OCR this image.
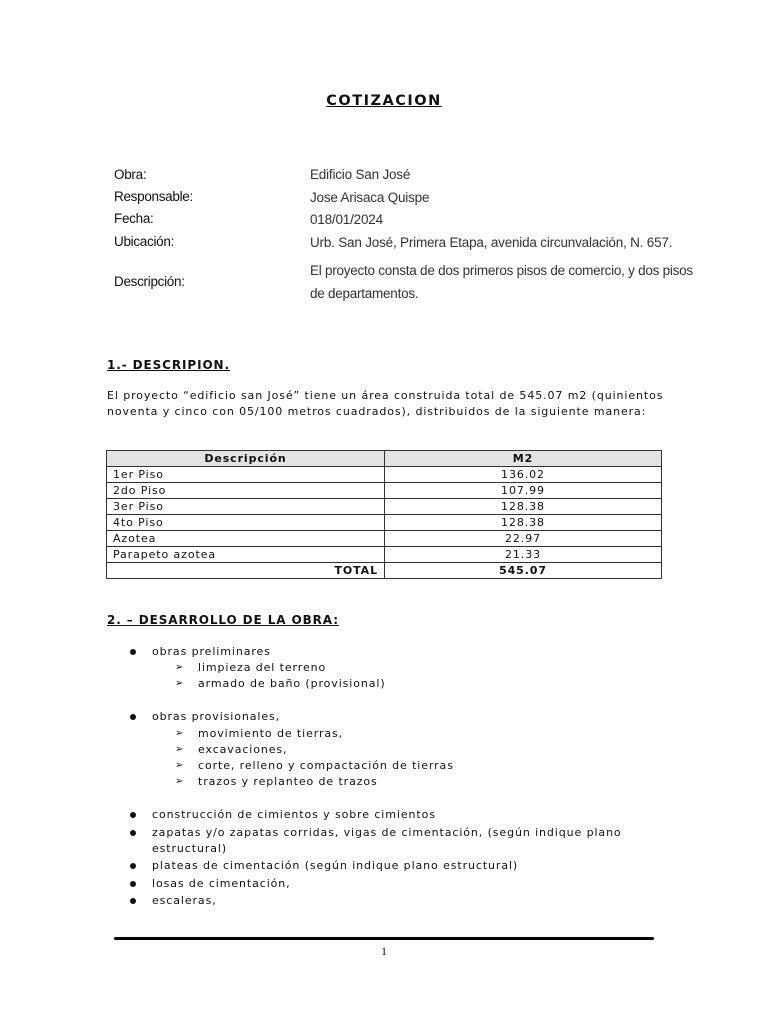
COTIZACION
Obra:	Edificio San José
Responsable:	Jose Arisaca Quispe
Fecha:	018/01/2024
Ubicación:	Urb. San José, Primera Etapa, avenida circunvalación, N. 657.
Descripción:
El proyecto consta de dos primeros pisos de comercio, y dos pisos de departamentos.
1.- DESCRIPION.
El proyecto “edificio san José” tiene un área construida total de 545.07 m2 (quinientos noventa y cinco con 05/100 metros cuadrados), distribuidos de la siguiente manera:
Descripción	M2
1er Piso	136.02
2do Piso	107.99
3er Piso	128.38
4to Piso	128.38
Azotea	22.97
Parapeto azotea	21.33
TOTAL	545.07
2. – DESARROLLO DE LA OBRA:
obras preliminares
➢ limpieza del terreno
➢ armado de baño (provisional)
obras provisionales,
➢ movimiento de tierras,
➢ excavaciones,
➢ corte, relleno y compactación de tierras
➢ trazos y replanteo de trazos
construcción de cimientos y sobre cimientos
zapatas y/o zapatas corridas, vigas de cimentación, (según indique plano estructural)
plateas de cimentación (según indique plano estructural)
losas de cimentación,
escaleras,
1
